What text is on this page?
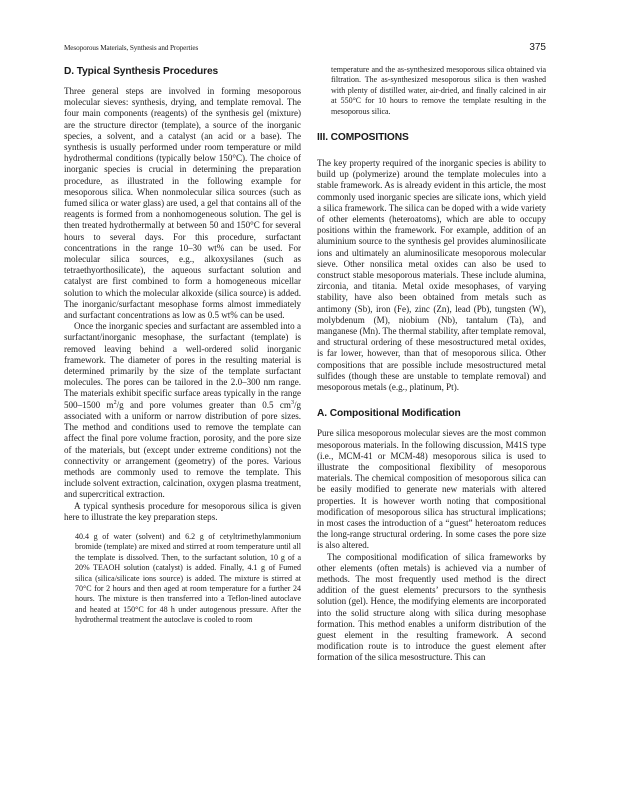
Mesoporous Materials, Synthesis and Properties	375
D. Typical Synthesis Procedures

Three general steps are involved in forming mesoporous molecular sieves: synthesis, drying, and template removal. The four main components (reagents) of the synthesis gel (mixture) are the structure director (template), a source of the inorganic species, a solvent, and a catalyst (an acid or a base). The synthesis is usually performed under room temperature or mild hydrothermal conditions (typically below 150°C). The choice of inorganic species is crucial in determining the preparation procedure, as illustrated in the following example for mesoporous silica. When nonmolecular silica sources (such as fumed silica or water glass) are used, a gel that contains all of the reagents is formed from a nonhomogeneous solution. The gel is then treated hydrothermally at between 50 and 150°C for several hours to several days. For this procedure, surfactant concentrations in the range 10–30 wt% can be used. For molecular silica sources, e.g., alkoxysilanes (such as tetraethyorthosilicate), the aqueous surfactant solution and catalyst are first combined to form a homogeneous micellar solution to which the molecular alkoxide (silica source) is added. The inorganic/surfactant mesophase forms almost immediately and surfactant concentrations as low as 0.5 wt% can be used.

Once the inorganic species and surfactant are assembled into a surfactant/inorganic mesophase, the surfactant (template) is removed leaving behind a well-ordered solid inorganic framework. The diameter of pores in the resulting material is determined primarily by the size of the template surfactant molecules. The pores can be tailored in the 2.0–300 nm range. The materials exhibit specific surface areas typically in the range 500–1500 $m^2/g$ and pore volumes greater than 0.5 $cm^3/g$ associated with a uniform or narrow distribution of pore sizes. The method and conditions used to remove the template can affect the final pore volume fraction, porosity, and the pore size of the materials, but (except under extreme conditions) not the connectivity or arrangement (geometry) of the pores. Various methods are commonly used to remove the template. This include solvent extraction, calcination, oxygen plasma treatment, and supercritical extraction.

A typical synthesis procedure for mesoporous silica is given here to illustrate the key preparation steps.

40.4 g of water (solvent) and 6.2 g of cetyltrimethylammonium bromide (template) are mixed and stirred at room temperature until all the template is dissolved. Then, to the surfactant solution, 10 g of a 20% TEAOH solution (catalyst) is added. Finally, 4.1 g of Fumed silica (silica/silicate ions source) is added. The mixture is stirred at 70°C for 2 hours and then aged at room temperature for a further 24 hours. The mixture is then transferred into a Teflon-lined autoclave and heated at 150°C for 48 h under autogenous pressure. After the hydrothermal treatment the autoclave is cooled to room

temperature and the as-synthesized mesoporous silica obtained via filtration. The as-synthesized mesoporous silica is then washed with plenty of distilled water, air-dried, and finally calcined in air at 550°C for 10 hours to remove the template resulting in the mesoporous silica.

III. COMPOSITIONS

The key property required of the inorganic species is ability to build up (polymerize) around the template molecules into a stable framework. As is already evident in this article, the most commonly used inorganic species are silicate ions, which yield a silica framework. The silica can be doped with a wide variety of other elements (heteroatoms), which are able to occupy positions within the framework. For example, addition of an aluminium source to the synthesis gel provides aluminosilicate ions and ultimately an aluminosilicate mesoporous molecular sieve. Other nonsilica metal oxides can also be used to construct stable mesoporous materials. These include alumina, zirconia, and titania. Metal oxide mesophases, of varying stability, have also been obtained from metals such as antimony (Sb), iron (Fe), zinc (Zn), lead (Pb), tungsten (W), molybdenum (M), niobium (Nb), tantalum (Ta), and manganese (Mn). The thermal stability, after template removal, and structural ordering of these mesostructured metal oxides, is far lower, however, than that of mesoporous silica. Other compositions that are possible include mesostructured metal sulfides (though these are unstable to template removal) and mesoporous metals (e.g., platinum, Pt).

A. Compositional Modification

Pure silica mesoporous molecular sieves are the most common mesoporous materials. In the following discussion, M41S type (i.e., MCM-41 or MCM-48) mesoporous silica is used to illustrate the compositional flexibility of mesoporous materials. The chemical composition of mesoporous silica can be easily modified to generate new materials with altered properties. It is however worth noting that compositional modification of mesoporous silica has structural implications; in most cases the introduction of a “guest” heteroatom reduces the long-range structural ordering. In some cases the pore size is also altered.

The compositional modification of silica frameworks by other elements (often metals) is achieved via a number of methods. The most frequently used method is the direct addition of the guest elements’ precursors to the synthesis solution (gel). Hence, the modifying elements are incorporated into the solid structure along with silica during mesophase formation. This method enables a uniform distribution of the guest element in the resulting framework. A second modification route is to introduce the guest element after formation of the silica mesostructure. This can
